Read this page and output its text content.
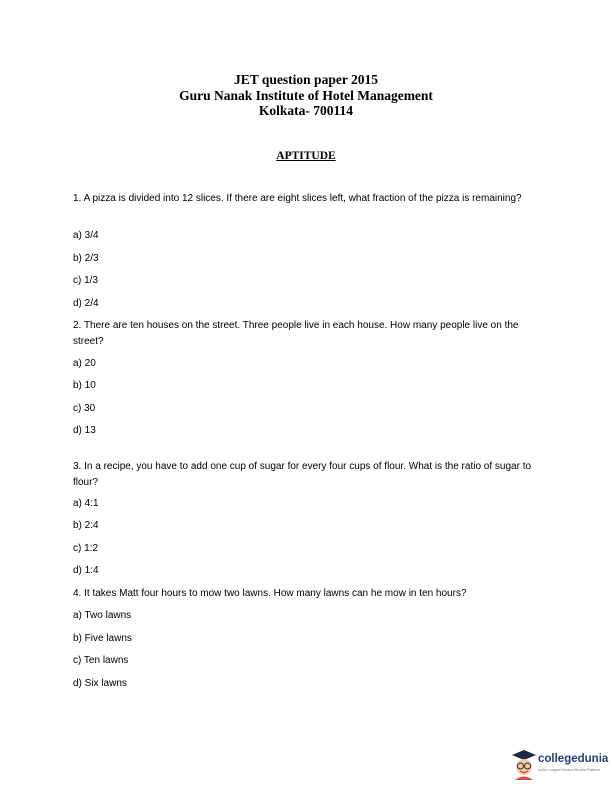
JET question paper 2015
Guru Nanak Institute of Hotel Management
Kolkata- 700114
APTITUDE
1. A pizza is divided into 12 slices. If there are eight slices left, what fraction of the pizza is remaining?
a) 3/4
b) 2/3
c) 1/3
d) 2/4
2. There are ten houses on the street. Three people live in each house. How many people live on the street?
a) 20
b) 10
c) 30
d) 13
3. In a recipe, you have to add one cup of sugar for every four cups of flour. What is the ratio of sugar to flour?
a) 4:1
b) 2:4
c) 1:2
d) 1:4
4. It takes Matt four hours to mow two lawns. How many lawns can he mow in ten hours?
a) Two lawns
b) Five lawns
c) Ten lawns
d) Six lawns
collegedunia
India's Largest Student Review Platform
